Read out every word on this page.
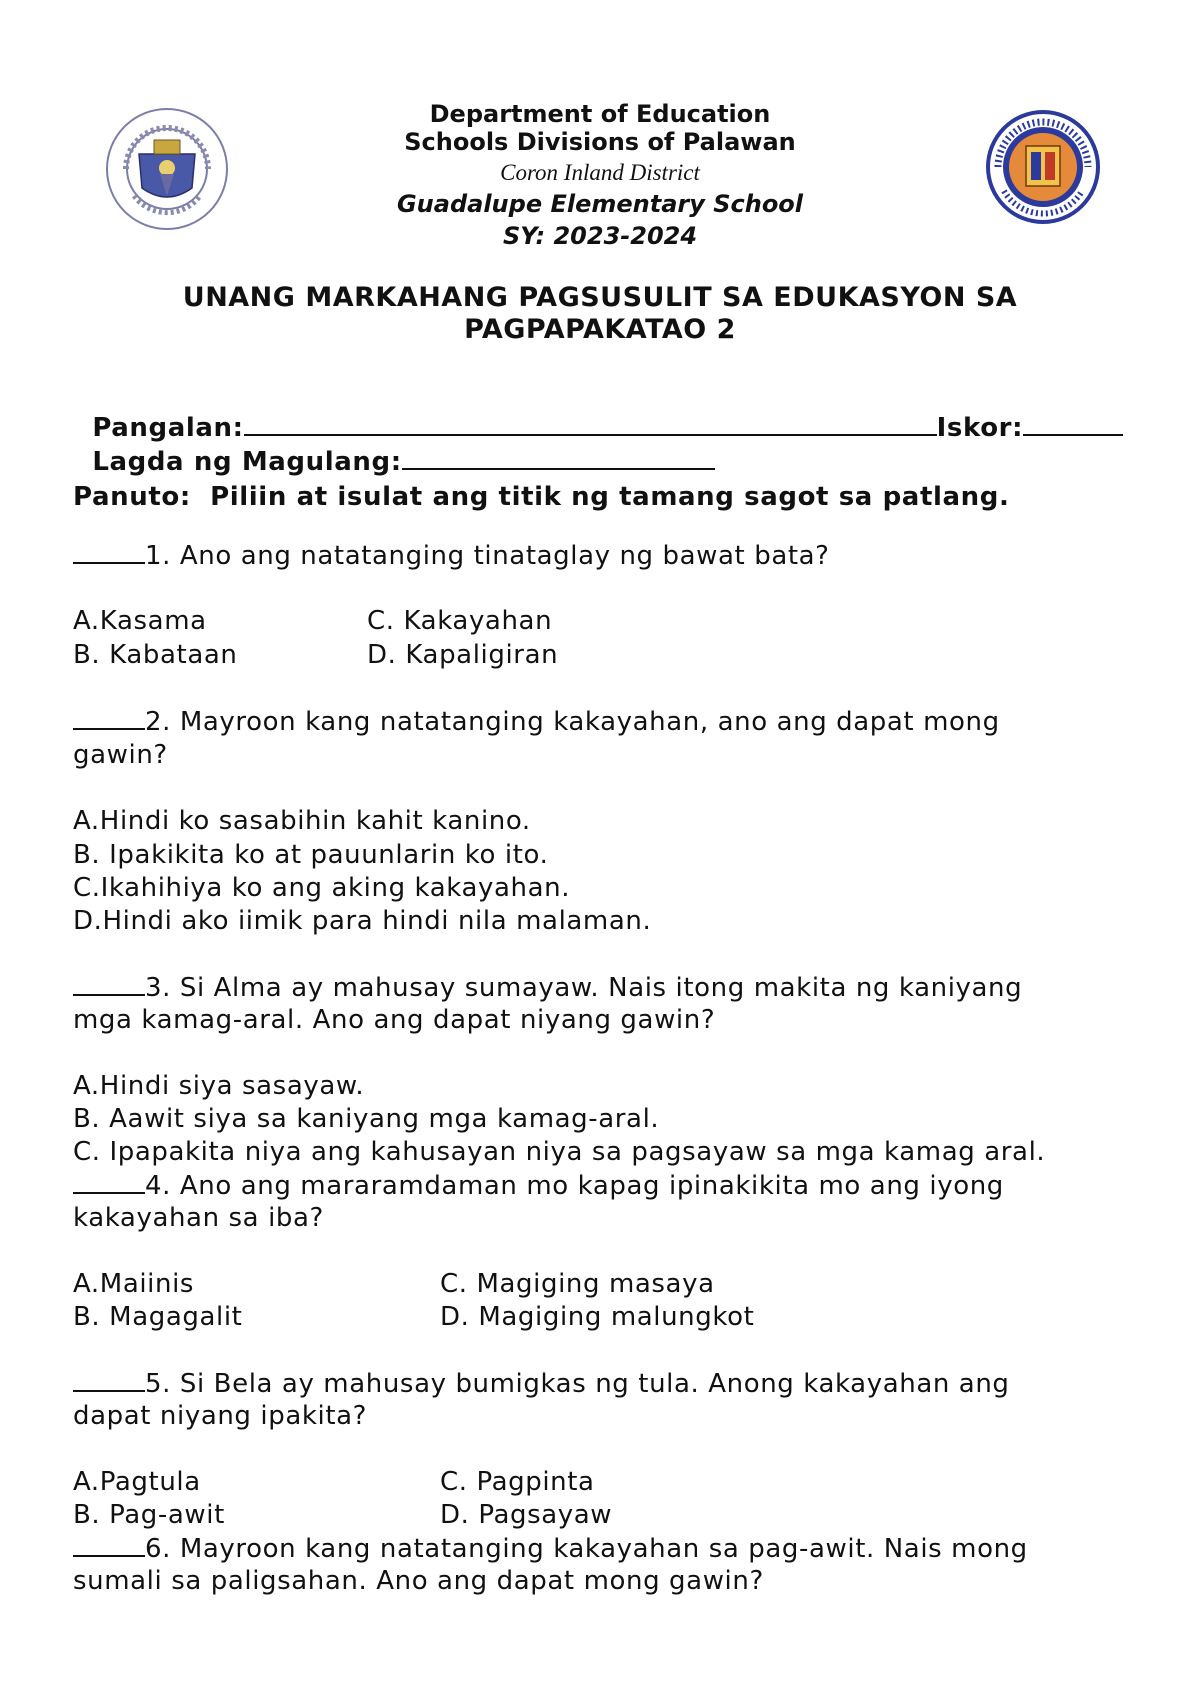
Department of Education
Schools Divisions of Palawan
Coron Inland District
Guadalupe Elementary School
SY: 2023-2024
UNANG MARKAHANG PAGSUSULIT SA EDUKASYON SA
PAGPAPAKATAO 2

Pangalan:	Iskor:

Lagda ng Magulang:

Panuto:  Piliin at isulat ang titik ng tamang sagot sa patlang.
1. Ano ang natatanging tinataglay ng bawat bata?
A.Kasama	C. Kakayahan
B. Kabataan	D. Kapaligiran
2. Mayroon kang natatanging kakayahan, ano ang dapat mong
gawin?
A.Hindi ko sasabihin kahit kanino.
B. Ipakikita ko at pauunlarin ko ito.
C.Ikahihiya ko ang aking kakayahan.
D.Hindi ako iimik para hindi nila malaman.
3. Si Alma ay mahusay sumayaw. Nais itong makita ng kaniyang
mga kamag-aral. Ano ang dapat niyang gawin?
A.Hindi siya sasayaw.
B. Aawit siya sa kaniyang mga kamag-aral.
C. Ipapakita niya ang kahusayan niya sa pagsayaw sa mga kamag aral.
4. Ano ang mararamdaman mo kapag ipinakikita mo ang iyong
kakayahan sa iba?
A.Maiinis	C. Magiging masaya
B. Magagalit	D. Magiging malungkot
5. Si Bela ay mahusay bumigkas ng tula. Anong kakayahan ang
dapat niyang ipakita?
A.Pagtula	C. Pagpinta
B. Pag-awit	D. Pagsayaw
6. Mayroon kang natatanging kakayahan sa pag-awit. Nais mong
sumali sa paligsahan. Ano ang dapat mong gawin?
